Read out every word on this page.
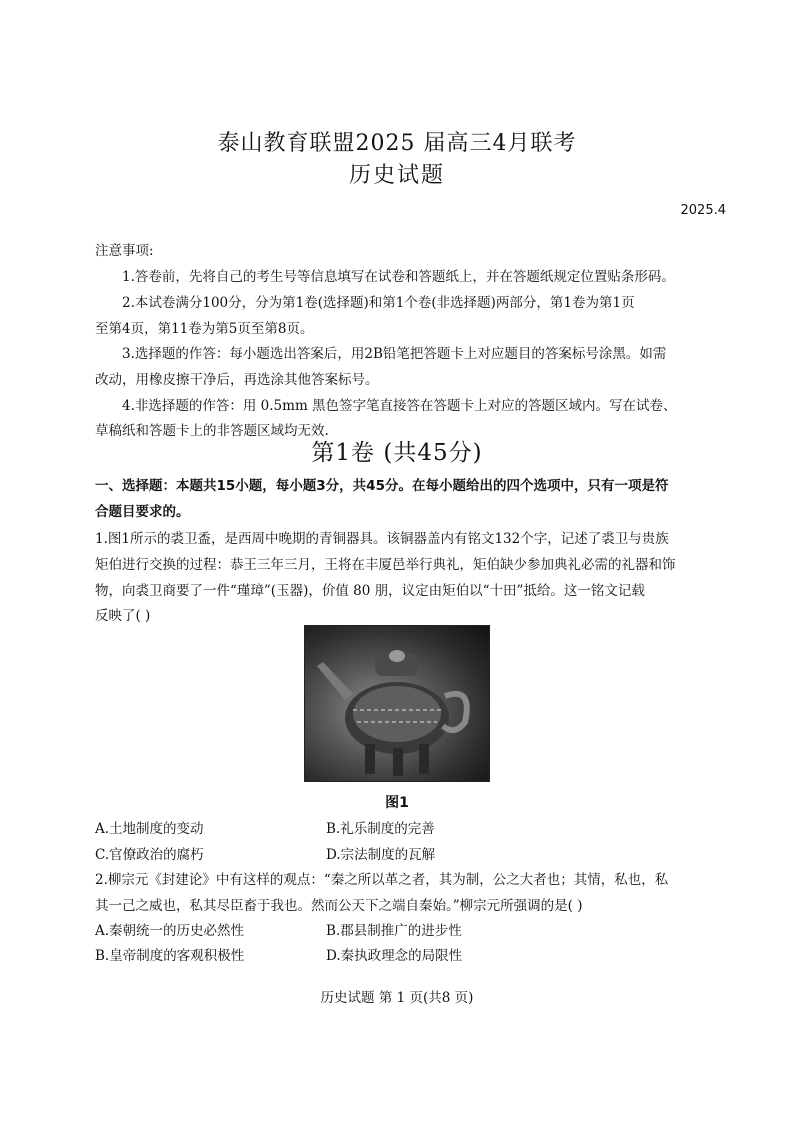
泰山教育联盟2025 届高三4月联考
历史试题
2025.4
注意事项:
1.答卷前，先将自己的考生号等信息填写在试卷和答题纸上，并在答题纸规定位置贴条形码。
2.本试卷满分100分，分为第1卷(选择题)和第1个卷(非选择题)两部分，第1卷为第1页
至第4页，第11卷为第5页至第8页。
3.选择题的作答：每小题选出答案后，用2B铅笔把答题卡上对应题目的答案标号涂黑。如需
改动，用橡皮擦干净后，再选涂其他答案标号。
4.非选择题的作答：用 0.5mm 黑色签字笔直接答在答题卡上对应的答题区域内。写在试卷、
草稿纸和答题卡上的非答题区域均无效.
第1卷 (共45分)
一、选择题：本题共15小题，每小题3分，共45分。在每小题给出的四个选项中，只有一项是符
合题目要求的。
1.图1所示的裘卫盉，是西周中晚期的青铜器具。该铜器盖内有铭文132个字，记述了裘卫与贵族
矩伯进行交换的过程：恭王三年三月，王将在丰厦邑举行典礼，矩伯缺少参加典礼必需的礼器和饰
物，向裘卫商要了一件“瑾璋”(玉器)，价值 80 朋，议定由矩伯以“十田”抵给。这一铭文记载
反映了( )
图1
A.土地制度的变动	B.礼乐制度的完善
C.官僚政治的腐朽	D.宗法制度的瓦解
2.柳宗元《封建论》中有这样的观点：“秦之所以革之者，其为制，公之大者也；其情，私也，私
其一己之威也，私其尽臣畜于我也。然而公天下之端自秦始。”柳宗元所强调的是( )
A.秦朝统一的历史必然性	B.郡县制推广的进步性
B.皇帝制度的客观积极性	D.秦执政理念的局限性
历史试题 第 1 页(共8 页)
